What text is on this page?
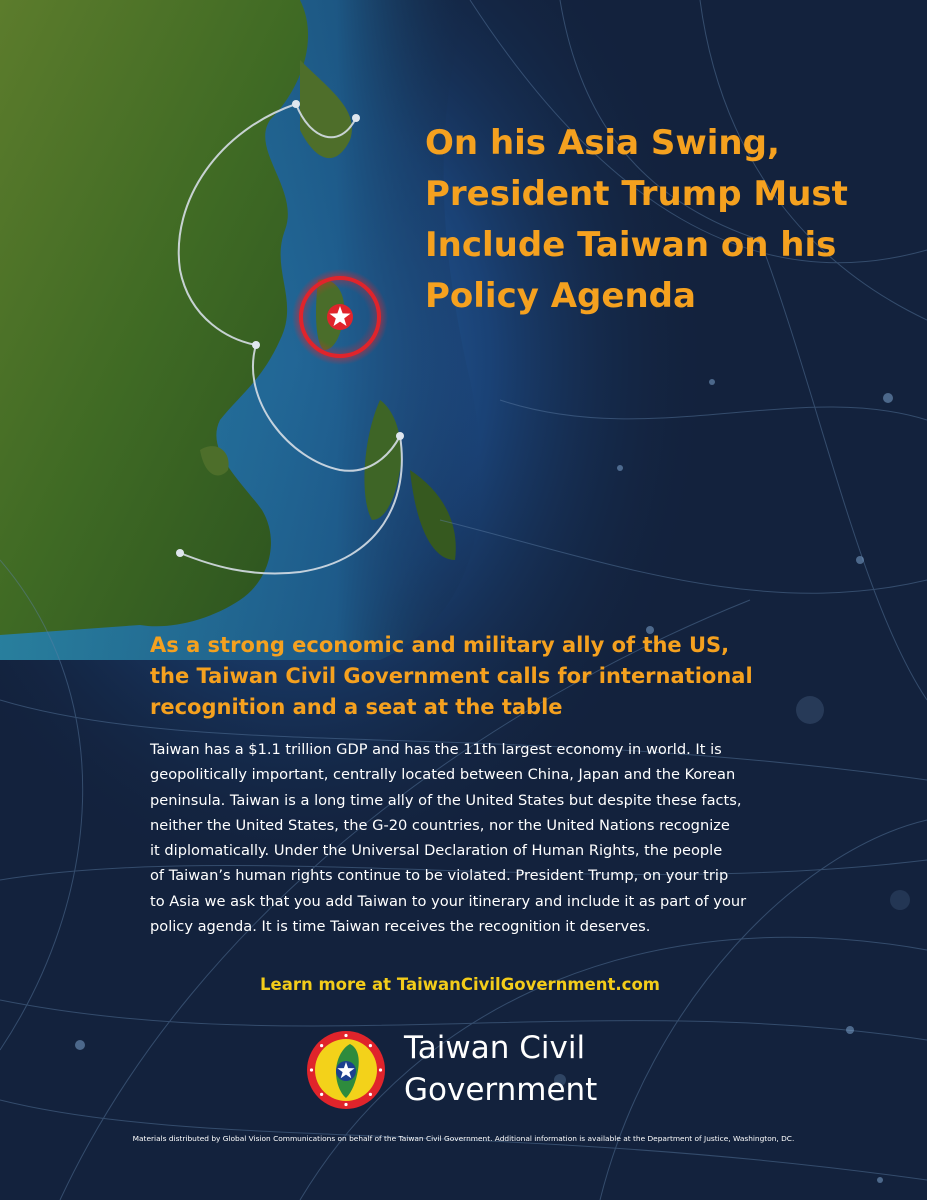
On his Asia Swing,
President Trump Must
Include Taiwan on his
Policy Agenda
As a strong economic and military ally of the US,
the Taiwan Civil Government calls for international
recognition and a seat at the table

Taiwan has a $1.1 trillion GDP and has the 11th largest economy in world. It is
geopolitically important, centrally located between China, Japan and the Korean
peninsula. Taiwan is a long time ally of the United States but despite these facts,
neither the United States, the G-20 countries, nor the United Nations recognize
it diplomatically. Under the Universal Declaration of Human Rights, the people
of Taiwan’s human rights continue to be violated. President Trump, on your trip
to Asia we ask that you add Taiwan to your itinerary and include it as part of your
policy agenda. It is time Taiwan receives the recognition it deserves.

Learn more at TaiwanCivilGovernment.com

Taiwan Civil
Government

Materials distributed by Global Vision Communications on behalf of the Taiwan Civil Government. Additional information is available at the Department of Justice, Washington, DC.
